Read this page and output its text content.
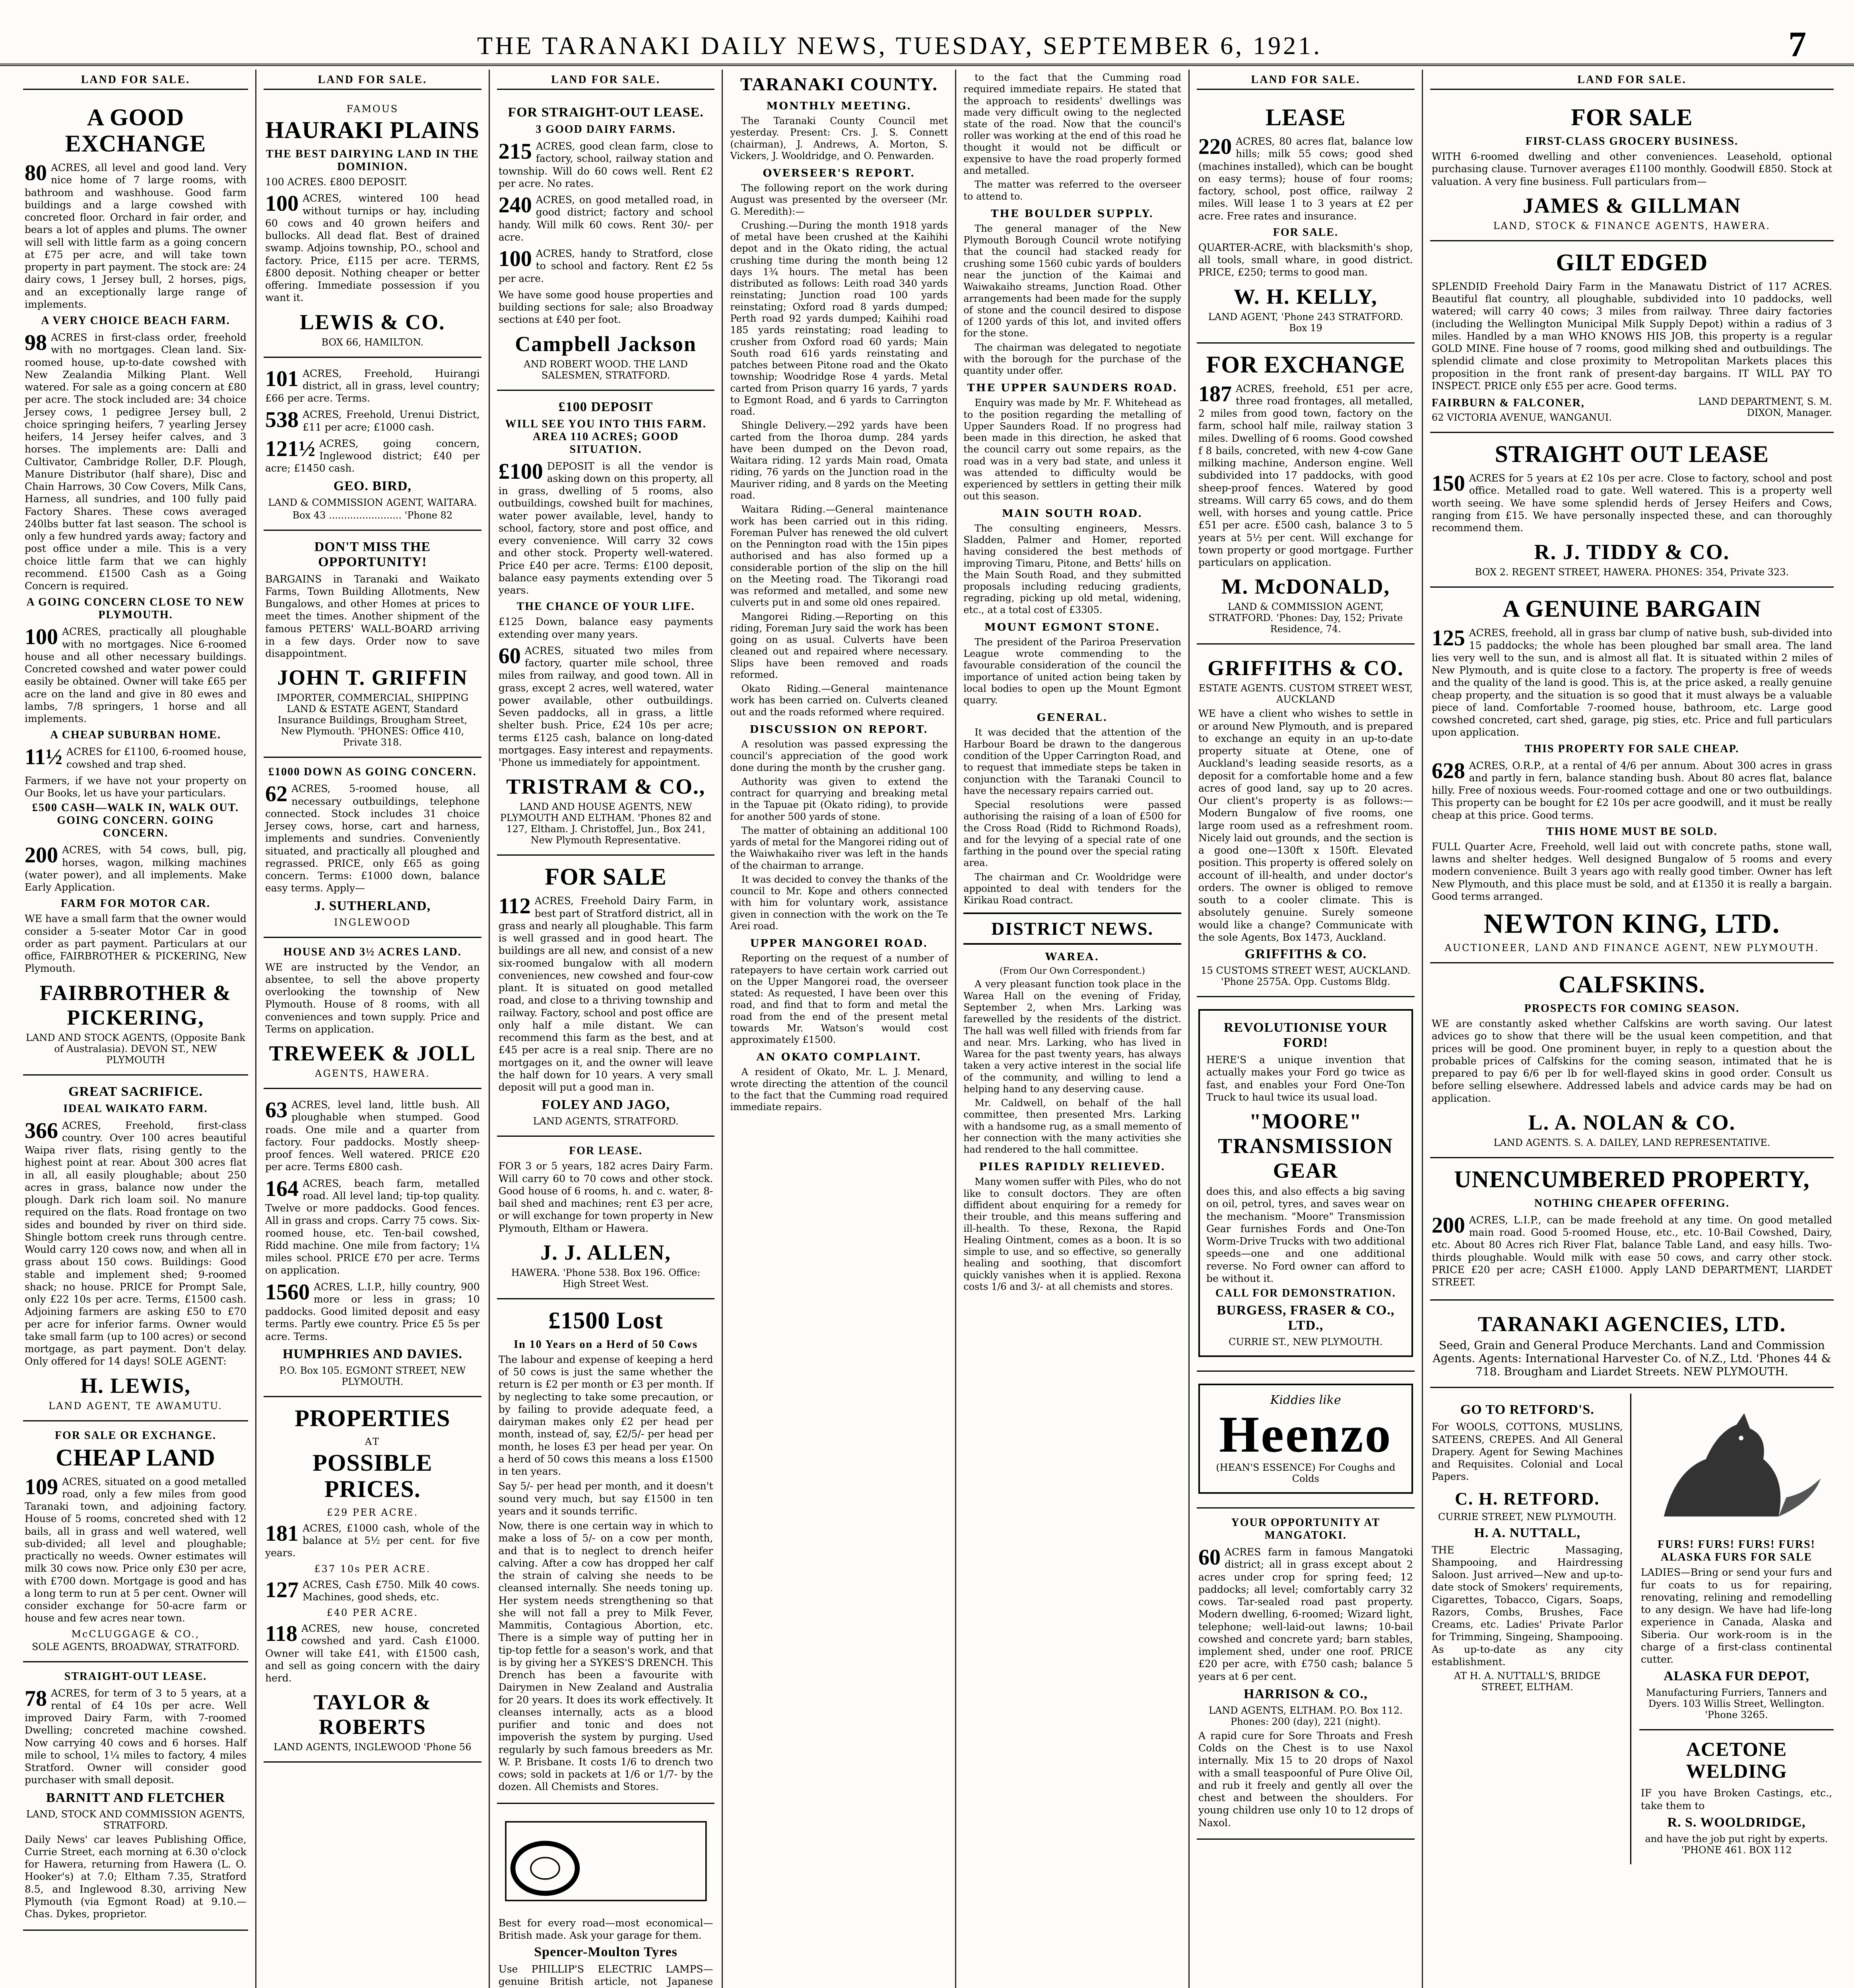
THE TARANAKI DAILY NEWS, TUESDAY, SEPTEMBER 6, 1921.	7
LAND FOR SALE.
A GOOD EXCHANGE
80 ACRES, all level and good land. Very nice home of 7 large rooms, with bathroom and washhouse. Good farm buildings and a large cowshed with concreted floor. Orchard in fair order, and bears a lot of apples and plums. The owner will sell with little farm as a going concern at £75 per acre, and will take town property in part payment. The stock are: 24 dairy cows, 1 Jersey bull, 2 horses, pigs, and an exceptionally large range of implements.
A VERY CHOICE BEACH FARM.
98 ACRES in first-class order, freehold with no mortgages. Clean land. Six-roomed house, up-to-date cowshed with New Zealandia Milking Plant. Well watered. For sale as a going concern at £80 per acre. The stock included are: 34 choice Jersey cows, 1 pedigree Jersey bull, 2 choice springing heifers, 7 yearling Jersey heifers, 14 Jersey heifer calves, and 3 horses. The implements are: Dalli and Cultivator, Cambridge Roller, D.F. Plough, Manure Distributor (half share), Disc and Chain Harrows, 30 Cow Covers, Milk Cans, Harness, all sundries, and 100 fully paid Factory Shares. These cows averaged 240lbs butter fat last season. The school is only a few hundred yards away; factory and post office under a mile. This is a very choice little farm that we can highly recommend. £1500 Cash as a Going Concern is required.
A GOING CONCERN CLOSE TO NEW PLYMOUTH.
100 ACRES, practically all ploughable with no mortgages. Nice 6-roomed house and all other necessary buildings. Concreted cowshed and water power could easily be obtained. Owner will take £65 per acre on the land and give in 80 ewes and lambs, 7/8 springers, 1 horse and all implements.
A CHEAP SUBURBAN HOME.
11½ ACRES for £1100, 6-roomed house, cowshed and trap shed.

Farmers, if we have not your property on Our Books, let us have your particulars.

£500 CASH—WALK IN, WALK OUT. GOING CONCERN. GOING CONCERN.
200 ACRES, with 54 cows, bull, pig, horses, wagon, milking machines (water power), and all implements. Make Early Application.
FARM FOR MOTOR CAR.

WE have a small farm that the owner would consider a 5-seater Motor Car in good order as part payment. Particulars at our office, FAIRBROTHER & PICKERING, New Plymouth.

FAIRBROTHER & PICKERING,
LAND AND STOCK AGENTS, (Opposite Bank of Australasia). DEVON ST., NEW PLYMOUTH
GREAT SACRIFICE.
IDEAL WAIKATO FARM.
366 ACRES, Freehold, first-class country. Over 100 acres beautiful Waipa river flats, rising gently to the highest point at rear. About 300 acres flat in all, all easily ploughable; about 250 acres in grass, balance now under the plough. Dark rich loam soil. No manure required on the flats. Road frontage on two sides and bounded by river on third side. Shingle bottom creek runs through centre. Would carry 120 cows now, and when all in grass about 150 cows. Buildings: Good stable and implement shed; 9-roomed shack; no house. PRICE for Prompt Sale, only £22 10s per acre. Terms, £1500 cash. Adjoining farmers are asking £50 to £70 per acre for inferior farms. Owner would take small farm (up to 100 acres) or second mortgage, as part payment. Don't delay. Only offered for 14 days! SOLE AGENT:
H. LEWIS,
LAND AGENT, TE AWAMUTU.
FOR SALE OR EXCHANGE.
CHEAP LAND
109 ACRES, situated on a good metalled road, only a few miles from good Taranaki town, and adjoining factory. House of 5 rooms, concreted shed with 12 bails, all in grass and well watered, well sub-divided; all level and ploughable; practically no weeds. Owner estimates will milk 30 cows now. Price only £30 per acre, with £700 down. Mortgage is good and has a long term to run at 5 per cent. Owner will consider exchange for 50-acre farm or house and few acres near town.
McCLUGGAGE & CO.,
SOLE AGENTS, BROADWAY, STRATFORD.
STRAIGHT-OUT LEASE.
78 ACRES, for term of 3 to 5 years, at a rental of £4 10s per acre. Well improved Dairy Farm, with 7-roomed Dwelling; concreted machine cowshed. Now carrying 40 cows and 6 horses. Half mile to school, 1¼ miles to factory, 4 miles Stratford. Owner will consider good purchaser with small deposit.
BARNITT AND FLETCHER
LAND, STOCK AND COMMISSION AGENTS, STRATFORD.

Daily News' car leaves Publishing Office, Currie Street, each morning at 6.30 o'clock for Hawera, returning from Hawera (L. O. Hooker's) at 7.0; Eltham 7.35, Stratford 8.5, and Inglewood 8.30, arriving New Plymouth (via Egmont Road) at 9.10.—Chas. Dykes, proprietor.

LAND FOR SALE.
FAMOUS
HAURAKI PLAINS
THE BEST DAIRYING LAND IN THE DOMINION.

100 ACRES. £800 DEPOSIT.

100 ACRES, wintered 100 head without turnips or hay, including 60 cows and 40 grown heifers and bullocks. All dead flat. Best of drained swamp. Adjoins township, P.O., school and factory. Price, £115 per acre. TERMS, £800 deposit. Nothing cheaper or better offering. Immediate possession if you want it.
LEWIS & CO.
BOX 66, HAMILTON.
101 ACRES, Freehold, Huirangi district, all in grass, level country; £66 per acre. Terms.
538 ACRES, Freehold, Urenui District, £11 per acre; £1000 cash.
121½ ACRES, going concern, Inglewood district; £40 per acre; £1450 cash.
GEO. BIRD,
LAND & COMMISSION AGENT, WAITARA.
Box 43 ........................ 'Phone 82
DON'T MISS THE OPPORTUNITY!

BARGAINS in Taranaki and Waikato Farms, Town Building Allotments, New Bungalows, and other Homes at prices to meet the times. Another shipment of the famous PETERS' WALL-BOARD arriving in a few days. Order now to save disappointment.

JOHN T. GRIFFIN
IMPORTER, COMMERCIAL, SHIPPING LAND & ESTATE AGENT, Standard Insurance Buildings, Brougham Street, New Plymouth. 'PHONES: Office 410, Private 318.
£1000 DOWN AS GOING CONCERN.
62 ACRES, 5-roomed house, all necessary outbuildings, telephone connected. Stock includes 31 choice Jersey cows, horse, cart and harness, implements and sundries. Conveniently situated, and practically all ploughed and regrassed. PRICE, only £65 as going concern. Terms: £1000 down, balance easy terms. Apply—
J. SUTHERLAND,
INGLEWOOD
HOUSE AND 3½ ACRES LAND.

WE are instructed by the Vendor, an absentee, to sell the above property overlooking the township of New Plymouth. House of 8 rooms, with all conveniences and town supply. Price and Terms on application.

TREWEEK & JOLL
AGENTS, HAWERA.
63 ACRES, level land, little bush. All ploughable when stumped. Good roads. One mile and a quarter from factory. Four paddocks. Mostly sheep-proof fences. Well watered. PRICE £20 per acre. Terms £800 cash.
164 ACRES, beach farm, metalled road. All level land; tip-top quality. Twelve or more paddocks. Good fences. All in grass and crops. Carry 75 cows. Six-roomed house, etc. Ten-bail cowshed, Ridd machine. One mile from factory; 1¼ miles school. PRICE £70 per acre. Terms on application.
1560 ACRES, L.I.P., hilly country, 900 more or less in grass; 10 paddocks. Good limited deposit and easy terms. Partly ewe country. Price £5 5s per acre. Terms.
HUMPHRIES AND DAVIES.
P.O. Box 105. EGMONT STREET, NEW PLYMOUTH.
PROPERTIES
AT
POSSIBLE PRICES.
£29 PER ACRE.
181 ACRES, £1000 cash, whole of the balance at 5½ per cent. for five years.
£37 10s PER ACRE.
127 ACRES, Cash £750. Milk 40 cows. Machines, good sheds, etc.
£40 PER ACRE.
118 ACRES, new house, concreted cowshed and yard. Cash £1000. Owner will take £41, with £1500 cash, and sell as going concern with the dairy herd.
TAYLOR & ROBERTS
LAND AGENTS, INGLEWOOD 'Phone 56
LAND FOR SALE.
FOR STRAIGHT-OUT LEASE.
3 GOOD DAIRY FARMS.
215 ACRES, good clean farm, close to factory, school, railway station and township. Will do 60 cows well. Rent £2 per acre. No rates.
240 ACRES, on good metalled road, in good district; factory and school handy. Will milk 60 cows. Rent 30/- per acre.
100 ACRES, handy to Stratford, close to school and factory. Rent £2 5s per acre.

We have some good house properties and building sections for sale; also Broadway sections at £40 per foot.

Campbell Jackson
AND ROBERT WOOD. THE LAND SALESMEN, STRATFORD.
£100 DEPOSIT
WILL SEE YOU INTO THIS FARM. AREA 110 ACRES; GOOD SITUATION.
£100 DEPOSIT is all the vendor is asking down on this property, all in grass, dwelling of 5 rooms, also outbuildings, cowshed built for machines, water power available, level, handy to school, factory, store and post office, and every convenience. Will carry 32 cows and other stock. Property well-watered. Price £40 per acre. Terms: £100 deposit, balance easy payments extending over 5 years.
THE CHANCE OF YOUR LIFE.

£125 Down, balance easy payments extending over many years.

60 ACRES, situated two miles from factory, quarter mile school, three miles from railway, and good town. All in grass, except 2 acres, well watered, water power available, other outbuildings. Seven paddocks, all in grass, a little shelter bush. Price, £24 10s per acre; terms £125 cash, balance on long-dated mortgages. Easy interest and repayments. 'Phone us immediately for appointment.
TRISTRAM & CO.,
LAND AND HOUSE AGENTS, NEW PLYMOUTH AND ELTHAM. 'Phones 82 and 127, Eltham. J. Christoffel, Jun., Box 241, New Plymouth Representative.
FOR SALE
112 ACRES, Freehold Dairy Farm, in best part of Stratford district, all in grass and nearly all ploughable. This farm is well grassed and in good heart. The buildings are all new, and consist of a new six-roomed bungalow with all modern conveniences, new cowshed and four-cow plant. It is situated on good metalled road, and close to a thriving township and railway. Factory, school and post office are only half a mile distant. We can recommend this farm as the best, and at £45 per acre is a real snip. There are no mortgages on it, and the owner will leave the half down for 10 years. A very small deposit will put a good man in.
FOLEY AND JAGO,
LAND AGENTS, STRATFORD.
FOR LEASE.

FOR 3 or 5 years, 182 acres Dairy Farm. Will carry 60 to 70 cows and other stock. Good house of 6 rooms, h. and c. water, 8-bail shed and machines; rent £3 per acre, or will exchange for town property in New Plymouth, Eltham or Hawera.

J. J. ALLEN,
HAWERA. 'Phone 538. Box 196. Office: High Street West.
£1500 Lost
In 10 Years on a Herd of 50 Cows

The labour and expense of keeping a herd of 50 cows is just the same whether the return is £2 per month or £3 per month. If by neglecting to take some precaution, or by failing to provide adequate feed, a dairyman makes only £2 per head per month, instead of, say, £2/5/- per head per month, he loses £3 per head per year. On a herd of 50 cows this means a loss £1500 in ten years.

Say 5/- per head per month, and it doesn't sound very much, but say £1500 in ten years and it sounds terrific.

Now, there is one certain way in which to make a loss of 5/- on a cow per month, and that is to neglect to drench heifer calving. After a cow has dropped her calf the strain of calving she needs to be cleansed internally. She needs toning up. Her system needs strengthening so that she will not fall a prey to Milk Fever, Mammitis, Contagious Abortion, etc. There is a simple way of putting her in tip-top fettle for a season's work, and that is by giving her a SYKES'S DRENCH. This Drench has been a favourite with Dairymen in New Zealand and Australia for 20 years. It does its work effectively. It cleanses internally, acts as a blood purifier and tonic and does not impoverish the system by purging. Used regularly by such famous breeders as Mr. W. P. Brisbane. It costs 1/6 to drench two cows; sold in packets at 1/6 or 1/7- by the dozen. All Chemists and Stores.

Best for every road—most economical—British made. Ask your garage for them.

Spencer-Moulton Tyres

Use PHILLIP'S ELECTRIC LAMPS—genuine British article, not Japanese

TARANAKI COUNTY.
MONTHLY MEETING.

The Taranaki County Council met yesterday. Present: Crs. J. S. Connett (chairman), J. Andrews, A. Morton, S. Vickers, J. Wooldridge, and O. Penwarden.

OVERSEER'S REPORT.

The following report on the work during August was presented by the overseer (Mr. G. Meredith):—

Crushing.—During the month 1918 yards of metal have been crushed at the Kaihihi depot and in the Okato riding, the actual crushing time during the month being 12 days 1¾ hours. The metal has been distributed as follows: Leith road 340 yards reinstating; Junction road 100 yards reinstating; Oxford road 8 yards dumped; Perth road 92 yards dumped; Kaihihi road 185 yards reinstating; road leading to crusher from Oxford road 60 yards; Main South road 616 yards reinstating and patches between Pitone road and the Okato township; Woodridge Rose 4 yards. Metal carted from Prison quarry 16 yards, 7 yards to Egmont Road, and 6 yards to Carrington road.

Shingle Delivery.—292 yards have been carted from the Ihoroa dump. 284 yards have been dumped on the Devon road, Waitara riding. 12 yards Main road, Omata riding, 76 yards on the Junction road in the Mauriver riding, and 8 yards on the Meeting road.

Waitara Riding.—General maintenance work has been carried out in this riding. Foreman Pulver has renewed the old culvert on the Pennington road with the 15in pipes authorised and has also formed up a considerable portion of the slip on the hill on the Meeting road. The Tikorangi road was reformed and metalled, and some new culverts put in and some old ones repaired.

Mangorei Riding.—Reporting on this riding, Foreman Jury said the work has been going on as usual. Culverts have been cleaned out and repaired where necessary. Slips have been removed and roads reformed.

Okato Riding.—General maintenance work has been carried on. Culverts cleaned out and the roads reformed where required.

DISCUSSION ON REPORT.

A resolution was passed expressing the council's appreciation of the good work done during the month by the crusher gang.

Authority was given to extend the contract for quarrying and breaking metal in the Tapuae pit (Okato riding), to provide for another 500 yards of stone.

The matter of obtaining an additional 100 yards of metal for the Mangorei riding out of the Waiwhakaiho river was left in the hands of the chairman to arrange.

It was decided to convey the thanks of the council to Mr. Kope and others connected with him for voluntary work, assistance given in connection with the work on the Te Arei road.

UPPER MANGOREI ROAD.

Reporting on the request of a number of ratepayers to have certain work carried out on the Upper Mangorei road, the overseer stated: As requested, I have been over this road, and find that to form and metal the road from the end of the present metal towards Mr. Watson's would cost approximately £1500.

AN OKATO COMPLAINT.

A resident of Okato, Mr. L. J. Menard, wrote directing the attention of the council to the fact that the Cumming road required immediate repairs.

to the fact that the Cumming road required immediate repairs. He stated that the approach to residents' dwellings was made very difficult owing to the neglected state of the road. Now that the council's roller was working at the end of this road he thought it would not be difficult or expensive to have the road properly formed and metalled.

The matter was referred to the overseer to attend to.

THE BOULDER SUPPLY.

The general manager of the New Plymouth Borough Council wrote notifying that the council had stacked ready for crushing some 1560 cubic yards of boulders near the junction of the Kaimai and Waiwakaiho streams, Junction Road. Other arrangements had been made for the supply of stone and the council desired to dispose of 1200 yards of this lot, and invited offers for the stone.

The chairman was delegated to negotiate with the borough for the purchase of the quantity under offer.

THE UPPER SAUNDERS ROAD.

Enquiry was made by Mr. F. Whitehead as to the position regarding the metalling of Upper Saunders Road. If no progress had been made in this direction, he asked that the council carry out some repairs, as the road was in a very bad state, and unless it was attended to difficulty would be experienced by settlers in getting their milk out this season.

MAIN SOUTH ROAD.

The consulting engineers, Messrs. Sladden, Palmer and Homer, reported having considered the best methods of improving Timaru, Pitone, and Betts' hills on the Main South Road, and they submitted proposals including reducing gradients, regrading, picking up old metal, widening, etc., at a total cost of £3305.

MOUNT EGMONT STONE.

The president of the Pariroa Preservation League wrote commending to the favourable consideration of the council the importance of united action being taken by local bodies to open up the Mount Egmont quarry.

GENERAL.

It was decided that the attention of the Harbour Board be drawn to the dangerous condition of the Upper Carrington Road, and to request that immediate steps be taken in conjunction with the Taranaki Council to have the necessary repairs carried out.

Special resolutions were passed authorising the raising of a loan of £500 for the Cross Road (Ridd to Richmond Roads), and for the levying of a special rate of one farthing in the pound over the special rating area.

The chairman and Cr. Wooldridge were appointed to deal with tenders for the Kirikau Road contract.

DISTRICT NEWS.
WAREA.
(From Our Own Correspondent.)

A very pleasant function took place in the Warea Hall on the evening of Friday, September 2, when Mrs. Larking was farewelled by the residents of the district. The hall was well filled with friends from far and near. Mrs. Larking, who has lived in Warea for the past twenty years, has always taken a very active interest in the social life of the community, and willing to lend a helping hand to any deserving cause.

Mr. Caldwell, on behalf of the hall committee, then presented Mrs. Larking with a handsome rug, as a small memento of her connection with the many activities she had rendered to the hall committee.

PILES RAPIDLY RELIEVED.

Many women suffer with Piles, who do not like to consult doctors. They are often diffident about enquiring for a remedy for their trouble, and this means suffering and ill-health. To these, Rexona, the Rapid Healing Ointment, comes as a boon. It is so simple to use, and so effective, so generally healing and soothing, that discomfort quickly vanishes when it is applied. Rexona costs 1/6 and 3/- at all chemists and stores.

LAND FOR SALE.
LEASE
220 ACRES, 80 acres flat, balance low hills; milk 55 cows; good shed (machines installed), which can be bought on easy terms); house of four rooms; factory, school, post office, railway 2 miles. Will lease 1 to 3 years at £2 per acre. Free rates and insurance.
FOR SALE.

QUARTER-ACRE, with blacksmith's shop, all tools, small whare, in good district. PRICE, £250; terms to good man.

W. H. KELLY,
LAND AGENT, 'Phone 243 STRATFORD. Box 19
FOR EXCHANGE
187 ACRES, freehold, £51 per acre, three road frontages, all metalled, 2 miles from good town, factory on the farm, school half mile, railway station 3 miles. Dwelling of 6 rooms. Good cowshed f 8 bails, concreted, with new 4-cow Gane milking machine, Anderson engine. Well subdivided into 17 paddocks, with good sheep-proof fences. Watered by good streams. Will carry 65 cows, and do them well, with horses and young cattle. Price £51 per acre. £500 cash, balance 3 to 5 years at 5½ per cent. Will exchange for town property or good mortgage. Further particulars on application.
M. McDONALD,
LAND & COMMISSION AGENT, STRATFORD. 'Phones: Day, 152; Private Residence, 74.
GRIFFITHS & CO.
ESTATE AGENTS. CUSTOM STREET WEST, AUCKLAND

WE have a client who wishes to settle in or around New Plymouth, and is prepared to exchange an equity in an up-to-date property situate at Otene, one of Auckland's leading seaside resorts, as a deposit for a comfortable home and a few acres of good land, say up to 20 acres. Our client's property is as follows:—Modern Bungalow of five rooms, one large room used as a refreshment room. Nicely laid out grounds, and the section is a good one—130ft x 150ft. Elevated position. This property is offered solely on account of ill-health, and under doctor's orders. The owner is obliged to remove south to a cooler climate. This is absolutely genuine. Surely someone would like a change? Communicate with the sole Agents, Box 1473, Auckland.

GRIFFITHS & CO.
15 CUSTOMS STREET WEST, AUCKLAND. 'Phone 2575A. Opp. Customs Bldg.
REVOLUTIONISE YOUR FORD!

HERE'S a unique invention that actually makes your Ford go twice as fast, and enables your Ford One-Ton Truck to haul twice its usual load.

"MOORE" TRANSMISSION GEAR

does this, and also effects a big saving on oil, petrol, tyres, and saves wear on the mechanism. "Moore" Transmission Gear furnishes Fords and One-Ton Worm-Drive Trucks with two additional speeds—one and one additional reverse. No Ford owner can afford to be without it.

CALL FOR DEMONSTRATION.
BURGESS, FRASER & CO., LTD.,
CURRIE ST., NEW PLYMOUTH.
Kiddies like
Heenzo
(HEAN'S ESSENCE) For Coughs and Colds
YOUR OPPORTUNITY AT MANGATOKI.
60 ACRES farm in famous Mangatoki district; all in grass except about 2 acres under crop for spring feed; 12 paddocks; all level; comfortably carry 32 cows. Tar-sealed road past property. Modern dwelling, 6-roomed; Wizard light, telephone; well-laid-out lawns; 10-bail cowshed and concrete yard; barn stables, implement shed, under one roof. PRICE £20 per acre, with £750 cash; balance 5 years at 6 per cent.
HARRISON & CO.,
LAND AGENTS, ELTHAM. P.O. Box 112. Phones: 200 (day), 221 (night).

A rapid cure for Sore Throats and Fresh Colds on the Chest is to use Naxol internally. Mix 15 to 20 drops of Naxol with a small teaspoonful of Pure Olive Oil, and rub it freely and gently all over the chest and between the shoulders. For young children use only 10 to 12 drops of Naxol.

LAND FOR SALE.
FOR SALE
FIRST-CLASS GROCERY BUSINESS.

WITH 6-roomed dwelling and other conveniences. Leasehold, optional purchasing clause. Turnover averages £1100 monthly. Goodwill £850. Stock at valuation. A very fine business. Full particulars from—

JAMES & GILLMAN
LAND, STOCK & FINANCE AGENTS, HAWERA.
GILT EDGED

SPLENDID Freehold Dairy Farm in the Manawatu District of 117 ACRES. Beautiful flat country, all ploughable, subdivided into 10 paddocks, well watered; will carry 40 cows; 3 miles from railway. Three dairy factories (including the Wellington Municipal Milk Supply Depot) within a radius of 3 miles. Handled by a man WHO KNOWS HIS JOB, this property is a regular GOLD MINE. Fine house of 7 rooms, good milking shed and outbuildings. The splendid climate and close proximity to Metropolitan Markets places this proposition in the front rank of present-day bargains. IT WILL PAY TO INSPECT. PRICE only £55 per acre. Good terms.

FAIRBURN & FALCONER,
62 VICTORIA AVENUE, WANGANUI.
LAND DEPARTMENT, S. M. DIXON, Manager.
STRAIGHT OUT LEASE
150 ACRES for 5 years at £2 10s per acre. Close to factory, school and post office. Metalled road to gate. Well watered. This is a property well worth seeing. We have some splendid herds of Jersey Heifers and Cows, ranging from £15. We have personally inspected these, and can thoroughly recommend them.
R. J. TIDDY & CO.
BOX 2. REGENT STREET, HAWERA. PHONES: 354, Private 323.
A GENUINE BARGAIN
125 ACRES, freehold, all in grass bar clump of native bush, sub-divided into 15 paddocks; the whole has been ploughed bar small area. The land lies very well to the sun, and is almost all flat. It is situated within 2 miles of New Plymouth, and is quite close to a factory. The property is free of weeds and the quality of the land is good. This is, at the price asked, a really genuine cheap property, and the situation is so good that it must always be a valuable piece of land. Comfortable 7-roomed house, bathroom, etc. Large good cowshed concreted, cart shed, garage, pig sties, etc. Price and full particulars upon application.
THIS PROPERTY FOR SALE CHEAP.
628 ACRES, O.R.P., at a rental of 4/6 per annum. About 300 acres in grass and partly in fern, balance standing bush. About 80 acres flat, balance hilly. Free of noxious weeds. Four-roomed cottage and one or two outbuildings. This property can be bought for £2 10s per acre goodwill, and it must be really cheap at this price. Good terms.
THIS HOME MUST BE SOLD.

FULL Quarter Acre, Freehold, well laid out with concrete paths, stone wall, lawns and shelter hedges. Well designed Bungalow of 5 rooms and every modern convenience. Built 3 years ago with really good timber. Owner has left New Plymouth, and this place must be sold, and at £1350 it is really a bargain. Good terms arranged.

NEWTON KING, LTD.
AUCTIONEER, LAND AND FINANCE AGENT, NEW PLYMOUTH.
CALFSKINS.
PROSPECTS FOR COMING SEASON.

WE are constantly asked whether Calfskins are worth saving. Our latest advices go to show that there will be the usual keen competition, and that prices will be good. One prominent buyer, in reply to a question about the probable prices of Calfskins for the coming season, intimated that he is prepared to pay 6/6 per lb for well-flayed skins in good order. Consult us before selling elsewhere. Addressed labels and advice cards may be had on application.

L. A. NOLAN & CO.
LAND AGENTS. S. A. DAILEY, LAND REPRESENTATIVE.
UNENCUMBERED PROPERTY,
NOTHING CHEAPER OFFERING.
200 ACRES, L.I.P., can be made freehold at any time. On good metalled main road. Good 5-roomed House, etc., etc. 10-Bail Cowshed, Dairy, etc. About 80 Acres rich River Flat, balance Table Land, and easy hills. Two-thirds ploughable. Would milk with ease 50 cows, and carry other stock. PRICE £20 per acre; CASH £1000. Apply LAND DEPARTMENT, LIARDET STREET.
TARANAKI AGENCIES, LTD.
Seed, Grain and General Produce Merchants. Land and Commission Agents. Agents: International Harvester Co. of N.Z., Ltd. 'Phones 44 & 718. Brougham and Liardet Streets. NEW PLYMOUTH.
GO TO RETFORD'S.

For WOOLS, COTTONS, MUSLINS, SATEENS, CREPES. And All General Drapery. Agent for Sewing Machines and Requisites. Colonial and Local Papers.

C. H. RETFORD.
CURRIE STREET, NEW PLYMOUTH.
H. A. NUTTALL,

THE Electric Massaging, Shampooing, and Hairdressing Saloon. Just arrived—New and up-to-date stock of Smokers' requirements, Cigarettes, Tobacco, Cigars, Soaps, Razors, Combs, Brushes, Face Creams, etc. Ladies' Private Parlor for Trimming, Singeing, Shampooing. As up-to-date as any city establishment.

AT H. A. NUTTALL'S, BRIDGE STREET, ELTHAM.
FURS! FURS! FURS! FURS! ALASKA FURS FOR SALE

LADIES—Bring or send your furs and fur coats to us for repairing, renovating, relining and remodelling to any design. We have had life-long experience in Canada, Alaska and Siberia. Our work-room is in the charge of a first-class continental cutter.

ALASKA FUR DEPOT,
Manufacturing Furriers, Tanners and Dyers. 103 Willis Street, Wellington. 'Phone 3265.
ACETONE WELDING

IF you have Broken Castings, etc., take them to

R. S. WOOLDRIDGE,
and have the job put right by experts. 'PHONE 461. BOX 112
